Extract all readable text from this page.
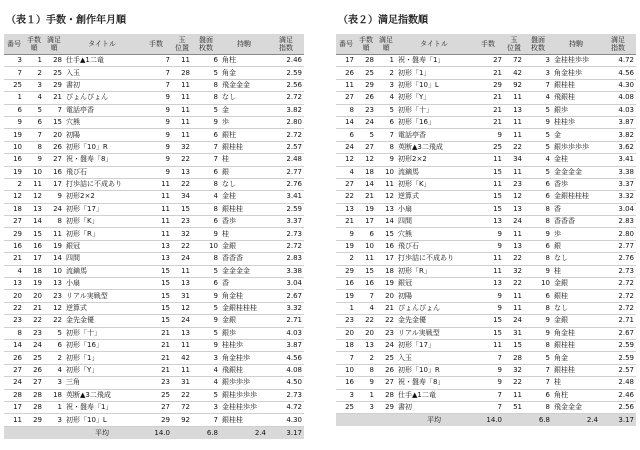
（表１）手数・創作年月順
番号	手数
順	満足
順	タイトル	手数	玉
位置	盤面
枚数	持駒	満足
指数
3	1	28	仕手▲1二竜	7	11	6	角柱	2.46
7	2	25	入玉	7	28	5	角金	2.59
25	3	29	書初	7	11	8	飛金金金	2.56
1	4	21	ぴょんぴょん	9	11	8	なし	2.72
6	5	7	電話亭香	9	11	5	金	3.82
9	6	15	穴熊	9	11	9	歩	2.80
19	7	20	初陽	9	11	6	銀柱	2.72
10	8	26	初形「10」R	9	32	7	銀桂桂	2.57
16	9	27	祝・盤寿「8」	9	22	7	桂	2.48
19	10	16	飛び石	9	13	6	銀	2.77
2	11	17	打歩詰に不成あり	11	22	8	なし	2.76
12	12	9	初形2×2	11	34	4	金桂	3.41
18	13	24	初形「17」	11	15	8	銀桂桂	2.59
27	14	8	初形「K」	11	23	6	香歩	3.37
29	15	11	初形「R」	11	32	9	桂	2.73
16	16	19	銀冠	13	22	10	金銀	2.72
21	17	14	四間	13	24	8	香香香	2.83
4	18	10	流鏑馬	15	11	5	金金金金	3.38
13	19	13	小扇	15	13	6	香	3.04
20	20	23	リアル実戦型	15	31	9	角金桂	2.67
22	21	12	逆算式	15	12	5	金銀桂桂桂	3.32
23	22	22	金先金優	15	24	9	金銀	2.71
8	23	5	初形「十」	21	13	5	銀歩	4.03
14	24	6	初形「16」	21	11	9	桂桂歩	3.87
26	25	2	初形「1」	21	42	3	角金桂歩	4.56
27	26	4	初形「Y」	21	11	4	飛銀桂	4.08
24	27	3	三角	23	31	4	銀歩歩歩	4.50
28	28	18	英断▲3二飛成	25	22	5	銀桂歩歩歩	2.73
17	28	1	祝・盤寿「1」	27	72	3	金桂桂歩歩	4.72
11	29	3	初形「10」L	29	92	7	銀桂桂	4.30
			平均	14.0		6.8	2.4	3.17
（表２）満足指数順
番号	手数
順	満足
順	タイトル	手数	玉
位置	盤面
枚数	持駒	満足
指数
17	28	1	祝・盤寿「1」	27	72	3	金桂桂歩歩	4.72
26	25	2	初形「1」	21	42	3	角金桂歩	4.56
11	29	3	初形「10」L	29	92	7	銀桂桂	4.30
27	26	4	初形「Y」	21	11	4	飛銀桂	4.08
8	23	5	初形「十」	21	13	5	銀歩	4.03
14	24	6	初形「16」	21	11	9	桂桂歩	3.87
6	5	7	電話亭香	9	11	5	金	3.82
24	27	8	英断▲3二飛成	25	22	5	銀歩歩歩歩	3.62
12	12	9	初形2×2	11	34	4	金桂	3.41
4	18	10	流鏑馬	15	11	5	金金金金	3.38
27	14	11	初形「K」	11	23	6	香歩	3.37
22	21	12	逆算式	15	12	6	金銀桂桂桂	3.32
13	19	13	小扇	15	13	8	香	3.04
21	17	14	四間	13	24	8	香香香	2.83
9	6	15	穴熊	9	11	9	歩	2.80
19	10	16	飛び石	9	13	6	銀	2.77
2	11	17	打歩詰に不成あり	11	22	8	なし	2.76
29	15	18	初形「R」	11	32	9	桂	2.73
16	16	19	銀冠	13	22	10	金銀	2.72
19	7	20	初陽	9	11	6	銀桂	2.72
1	4	21	ぴょんぴょん	9	11	8	なし	2.72
23	22	22	金先金優	15	24	9	金銀	2.71
20	20	23	リアル実戦型	15	31	9	角金桂	2.67
18	13	24	初形「17」	11	15	8	銀桂桂	2.59
7	2	25	入玉	7	28	5	角金	2.59
10	8	26	初形「10」R	9	32	7	銀桂桂	2.57
16	9	27	祝・盤寿「8」	9	22	7	桂	2.48
3	1	28	仕手▲1二竜	7	11	6	角柱	2.46
25	3	29	書初	7	51	8	飛金金金	2.56
			平均	14.0		6.8	2.4	3.17
